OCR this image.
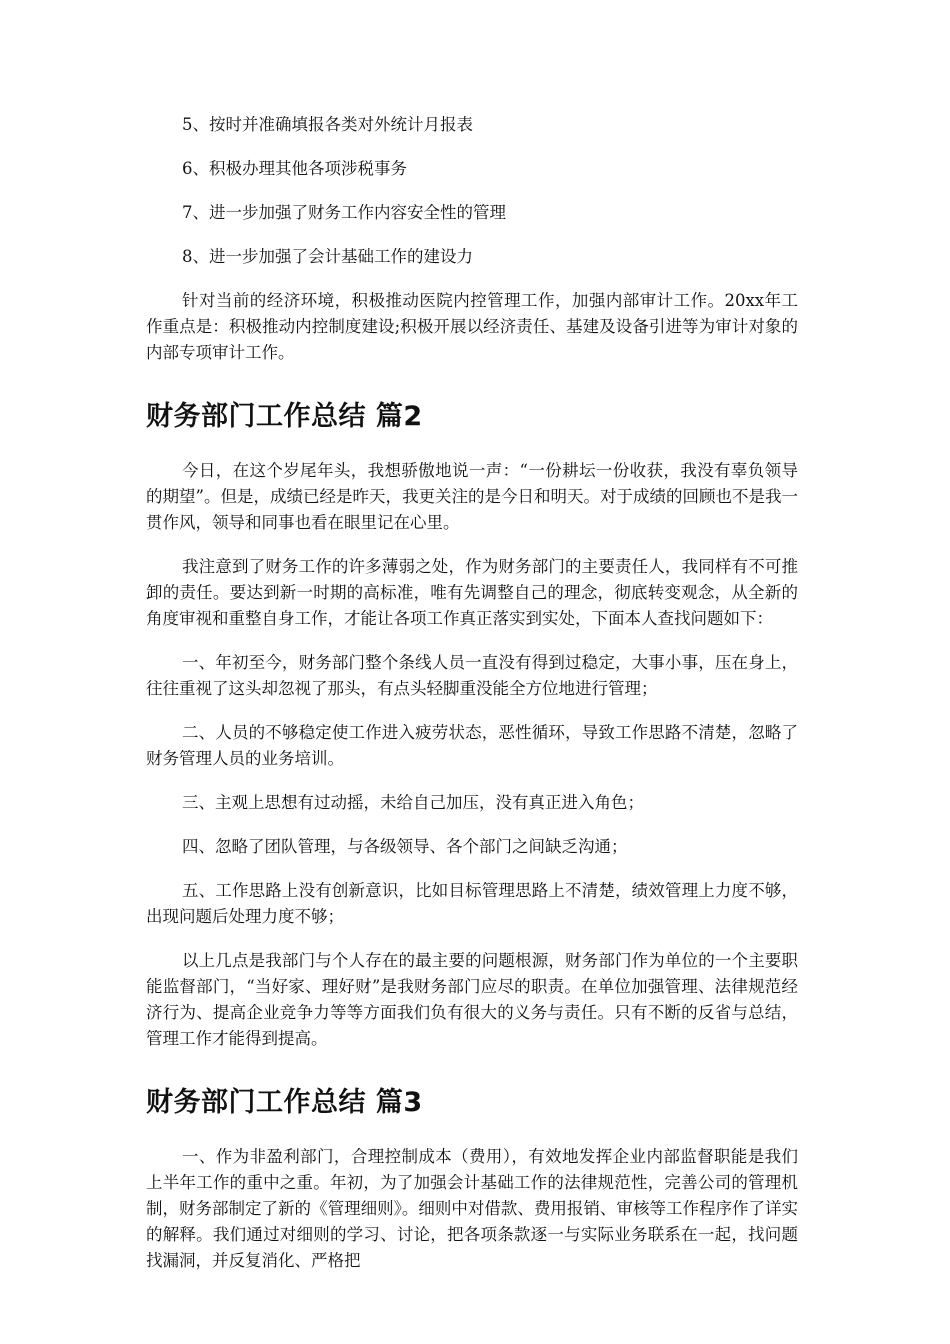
5、按时并准确填报各类对外统计月报表

6、积极办理其他各项涉税事务

7、进一步加强了财务工作内容安全性的管理

8、进一步加强了会计基础工作的建设力

针对当前的经济环境，积极推动医院内控管理工作，加强内部审计工作。20xx年工作重点是：积极推动内控制度建设;积极开展以经济责任、基建及设备引进等为审计对象的内部专项审计工作。

财务部门工作总结 篇2

今日，在这个岁尾年头，我想骄傲地说一声：“一份耕坛一份收获，我没有辜负领导的期望”。但是，成绩已经是昨天，我更关注的是今日和明天。对于成绩的回顾也不是我一贯作风，领导和同事也看在眼里记在心里。

我注意到了财务工作的许多薄弱之处，作为财务部门的主要责任人，我同样有不可推卸的责任。要达到新一时期的高标准，唯有先调整自己的理念，彻底转变观念，从全新的角度审视和重整自身工作，才能让各项工作真正落实到实处，下面本人查找问题如下：

一、年初至今，财务部门整个条线人员一直没有得到过稳定，大事小事，压在身上，往往重视了这头却忽视了那头，有点头轻脚重没能全方位地进行管理；

二、人员的不够稳定使工作进入疲劳状态，恶性循环，导致工作思路不清楚，忽略了财务管理人员的业务培训。

三、主观上思想有过动摇，未给自己加压，没有真正进入角色；

四、忽略了团队管理，与各级领导、各个部门之间缺乏沟通；

五、工作思路上没有创新意识，比如目标管理思路上不清楚，绩效管理上力度不够，出现问题后处理力度不够；

以上几点是我部门与个人存在的最主要的问题根源，财务部门作为单位的一个主要职能监督部门，“当好家、理好财”是我财务部门应尽的职责。在单位加强管理、法律规范经济行为、提高企业竞争力等等方面我们负有很大的义务与责任。只有不断的反省与总结，管理工作才能得到提高。

财务部门工作总结 篇3

一、作为非盈利部门，合理控制成本（费用），有效地发挥企业内部监督职能是我们上半年工作的重中之重。年初，为了加强会计基础工作的法律规范性，完善公司的管理机制，财务部制定了新的《管理细则》。细则中对借款、费用报销、审核等工作程序作了详实的解释。我们通过对细则的学习、讨论，把各项条款逐一与实际业务联系在一起，找问题找漏洞，并反复消化、严格把
